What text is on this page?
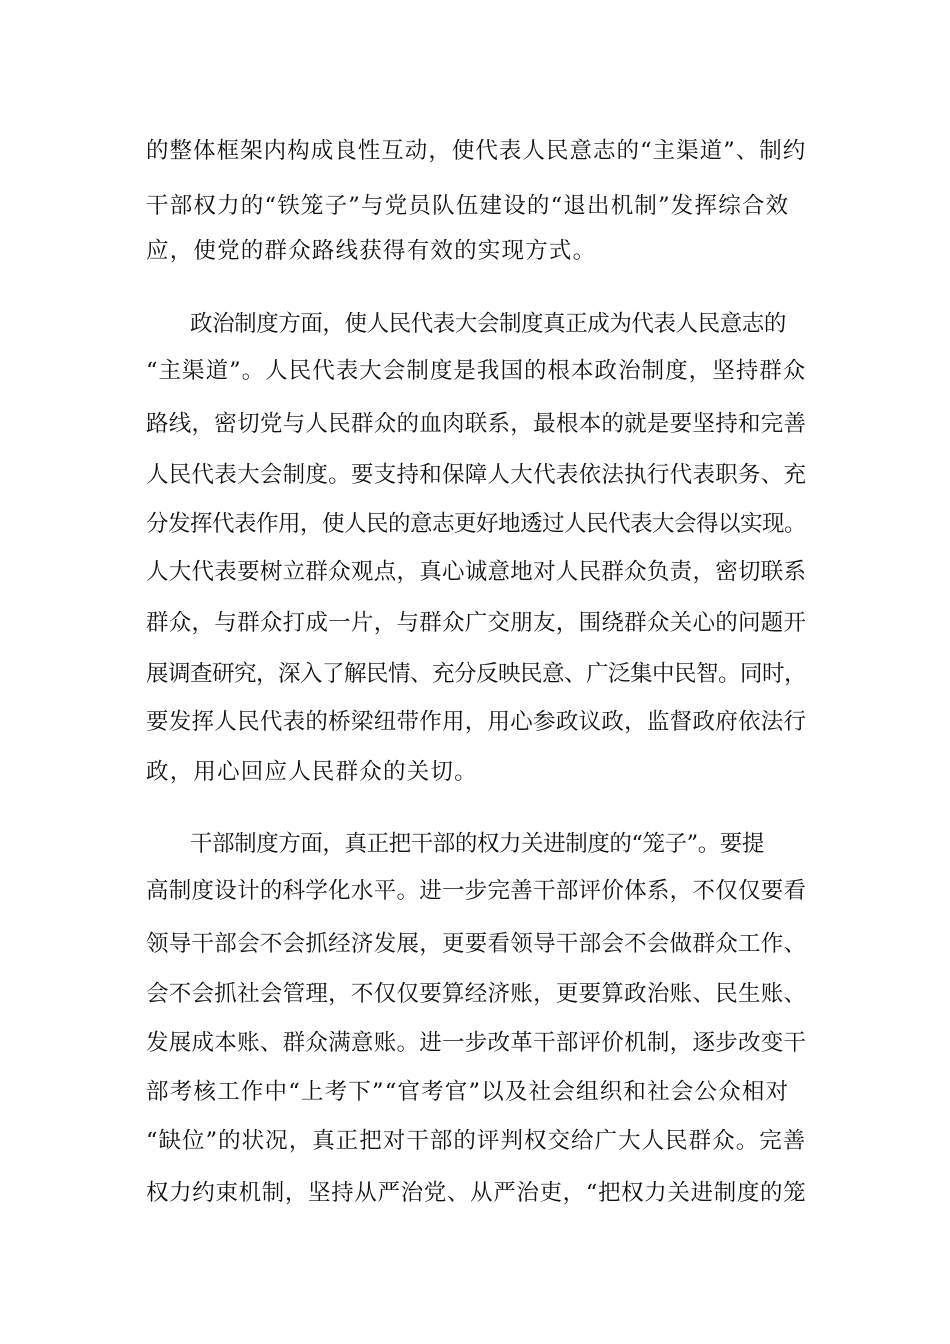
的整体框架内构成良性互动，使代表人民意志的“主渠道”、制约
干部权力的“铁笼子”与党员队伍建设的“退出机制”发挥综合效
应，使党的群众路线获得有效的实现方式。
政治制度方面，使人民代表大会制度真正成为代表人民意志的
“主渠道”。人民代表大会制度是我国的根本政治制度，坚持群众
路线，密切党与人民群众的血肉联系，最根本的就是要坚持和完善
人民代表大会制度。要支持和保障人大代表依法执行代表职务、充
分发挥代表作用，使人民的意志更好地透过人民代表大会得以实现。
人大代表要树立群众观点，真心诚意地对人民群众负责，密切联系
群众，与群众打成一片，与群众广交朋友，围绕群众关心的问题开
展调查研究，深入了解民情、充分反映民意、广泛集中民智。同时，
要发挥人民代表的桥梁纽带作用，用心参政议政，监督政府依法行
政，用心回应人民群众的关切。
干部制度方面，真正把干部的权力关进制度的“笼子”。要提
高制度设计的科学化水平。进一步完善干部评价体系，不仅仅要看
领导干部会不会抓经济发展，更要看领导干部会不会做群众工作、
会不会抓社会管理，不仅仅要算经济账，更要算政治账、民生账、
发展成本账、群众满意账。进一步改革干部评价机制，逐步改变干
部考核工作中“上考下”“官考官”以及社会组织和社会公众相对
“缺位”的状况，真正把对干部的评判权交给广大人民群众。完善
权力约束机制，坚持从严治党、从严治吏，“把权力关进制度的笼
